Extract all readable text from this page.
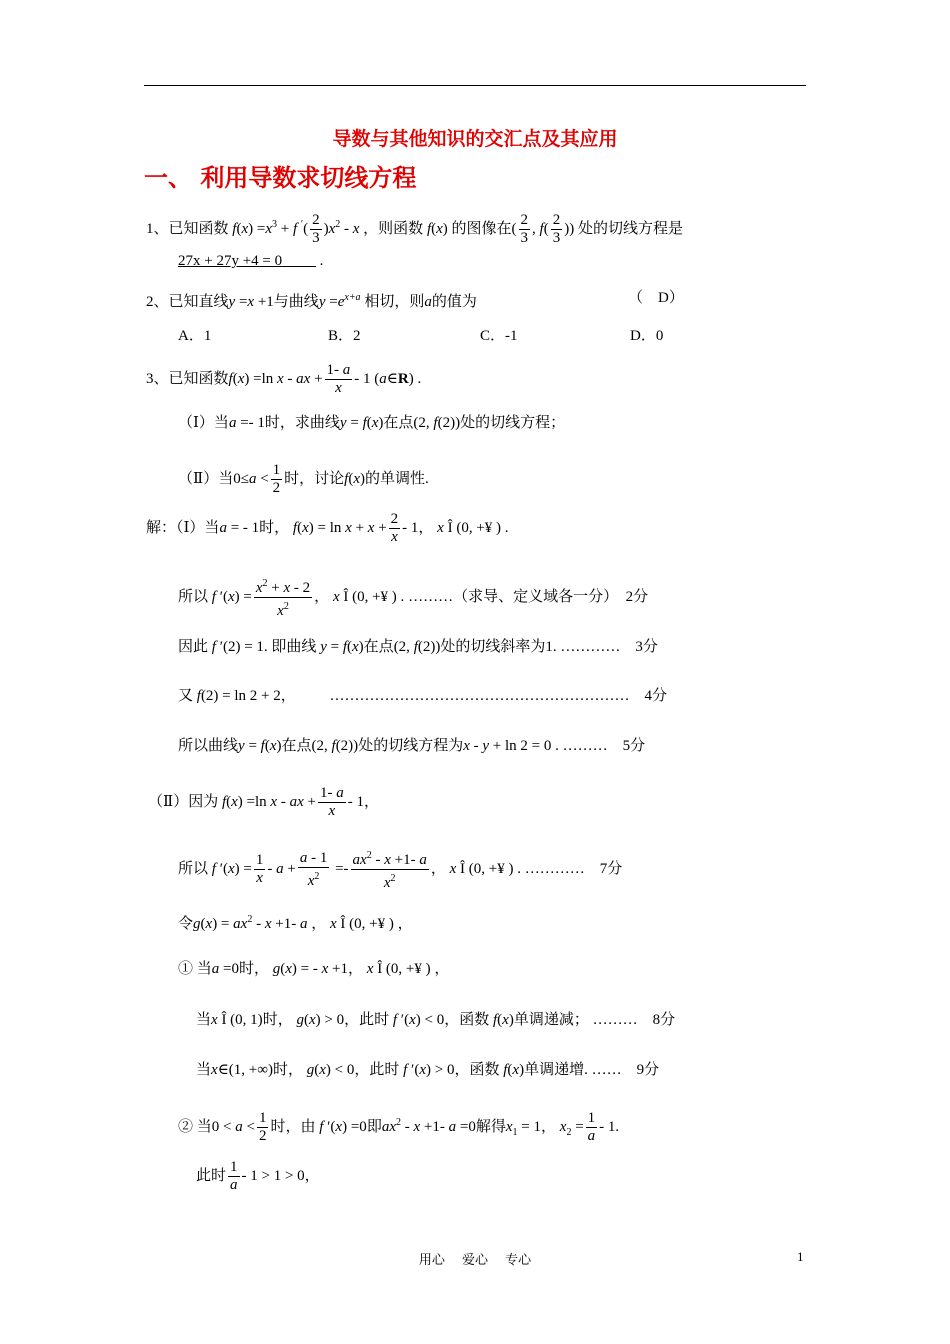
导数与其他知识的交汇点及其应用
一、 利用导数求切线方程
1、已知函数 $f(x) =x^3 + f$ $'( \frac{2}{3} )x^2$ - x ，则函数 f(x) 的图像在( $\frac{2}{3}$ , $f( \frac{2}{3}$ )) 处的切线方程是
27x + 27y +4 = 0          .
2、已知直线y =x +1与曲线$y =e^{x+a}$ 相切，则a的值为	（　D）
A．1	B．2	C．-1	D．0
3、已知函数f(x) =ln x - ax + $\frac{1- a}{x} - 1$ (a∈R) .
（Ⅰ）当a =- 1时，求曲线y = f(x)在点(2, f(2))处的切线方程；
（Ⅱ）当$0\le a < \frac{1}{2}$ 时，讨论f(x)的单调性.
解：（Ⅰ）当a = - 1时， $f(x) = \ln x + x + \frac{2}{x} - 1$， x Î (0, +¥ ) .
所以 f $'(x) = \frac{x^2 + x - 2}{x^2}$ ， x Î (0, +¥ ) . ………（求导、定义域各一分）　2分
因此 f ′(2) = 1. 即曲线 y = f(x)在点(2, f(2))处的切线斜率为1. …………　3分
又 f(2) = ln 2 + 2，         ……………………………………………………　4分
所以曲线y = f(x)在点(2, f(2))处的切线方程为x - y + ln 2 = 0 . ………　5分
（Ⅱ）因为 f(x) =ln x - ax + $\frac{1- a}{x} - 1$，
所以 f $'(x) = \frac{1}{x} - a + \frac{a - 1}{x^2} =- \frac{ax^2 - x +1- a}{x^2}$ ， x Î (0, +¥ ) . …………　7分
令$g(x) = ax^2 - x +1-$ a ， x Î (0, +¥ ) ，
① 当a =0时， g(x) = - x +1， x Î (0, +¥ ) ，
当x Î (0, 1)时， g(x) > 0，此时 f ′(x) < 0，函数 f(x)单调递减； ………　8分
当x∈(1, +∞)时， g(x) < 0，此时 f ′(x) > 0，函数 f(x)单调递增. ……　9分
② 当$0 < a < \frac{1}{2}$ 时，由 f ′(x) =0即$ax^2 - x +1-$ a =0解得$x_1 = 1$， $x_2 = \frac{1}{a} - 1$.
此时 $\frac{1}{a} - 1 > 1 > 0$，
用心　 爱心　 专心	1
